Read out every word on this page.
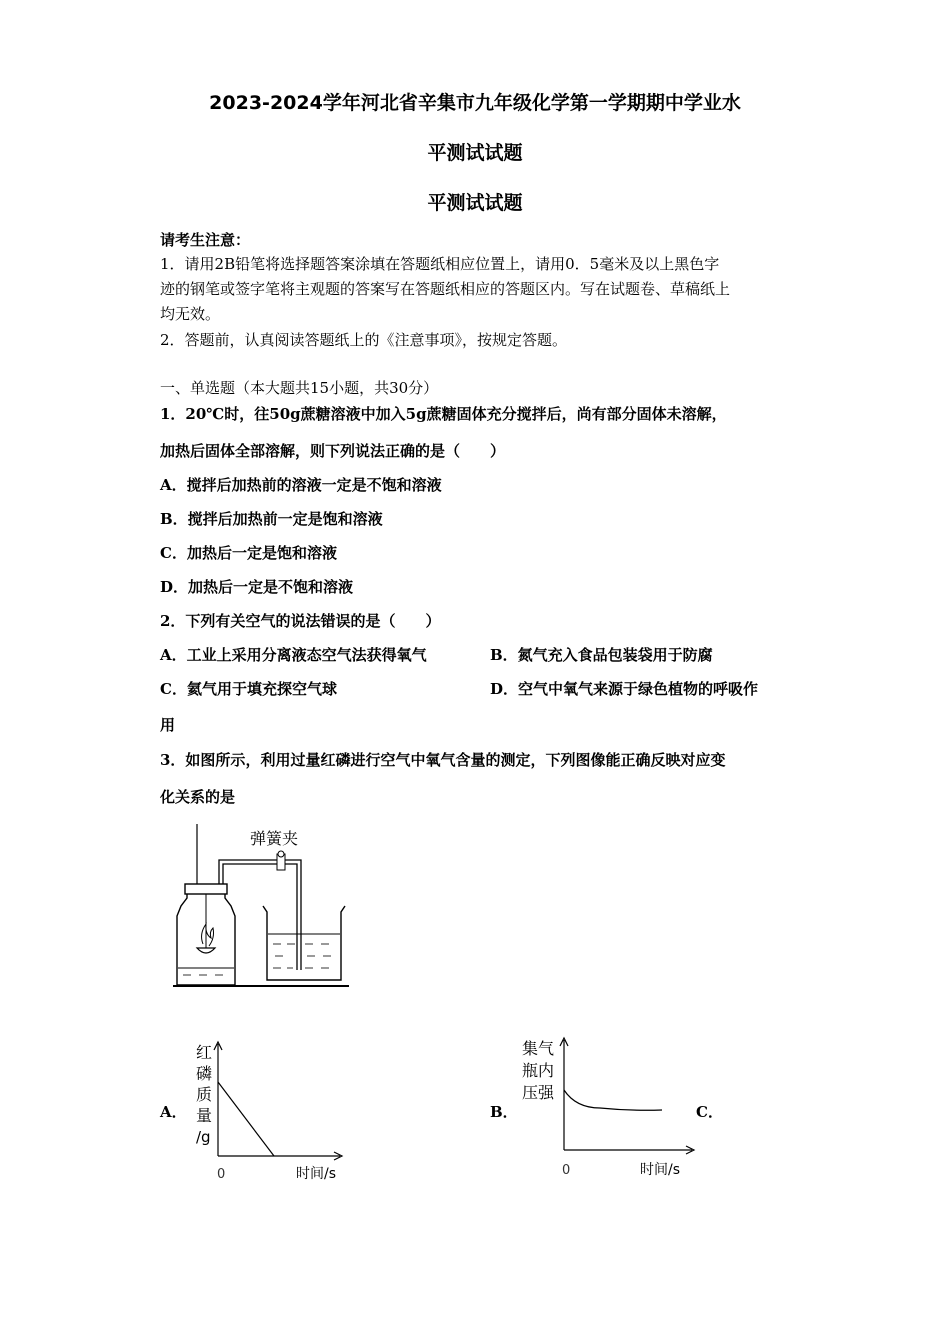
2023-2024学年河北省辛集市九年级化学第一学期期中学业水
平测试试题
平测试试题
请考生注意：
1．请用2B铅笔将选择题答案涂填在答题纸相应位置上，请用0．5毫米及以上黑色字
迹的钢笔或签字笔将主观题的答案写在答题纸相应的答题区内。写在试题卷、草稿纸上
均无效。
2．答题前，认真阅读答题纸上的《注意事项》，按规定答题。
一、单选题（本大题共15小题，共30分）
1．20℃时，往50g蔗糖溶液中加入5g蔗糖固体充分搅拌后，尚有部分固体未溶解，
加热后固体全部溶解，则下列说法正确的是（　　）
A．搅拌后加热前的溶液一定是不饱和溶液
B．搅拌后加热前一定是饱和溶液
C．加热后一定是饱和溶液
D．加热后一定是不饱和溶液
2．下列有关空气的说法错误的是（　　）
A．工业上采用分离液态空气法获得氧气	B．氮气充入食品包装袋用于防腐
C．氦气用于填充探空气球	D．空气中氧气来源于绿色植物的呼吸作
用
3．如图所示，利用过量红磷进行空气中氧气含量的测定，下列图像能正确反映对应变
化关系的是
弹簧夹
A．	B．	C．
红
磷
质
量
/g
0	时间/s
集气
瓶内
压强
0	时间/s
